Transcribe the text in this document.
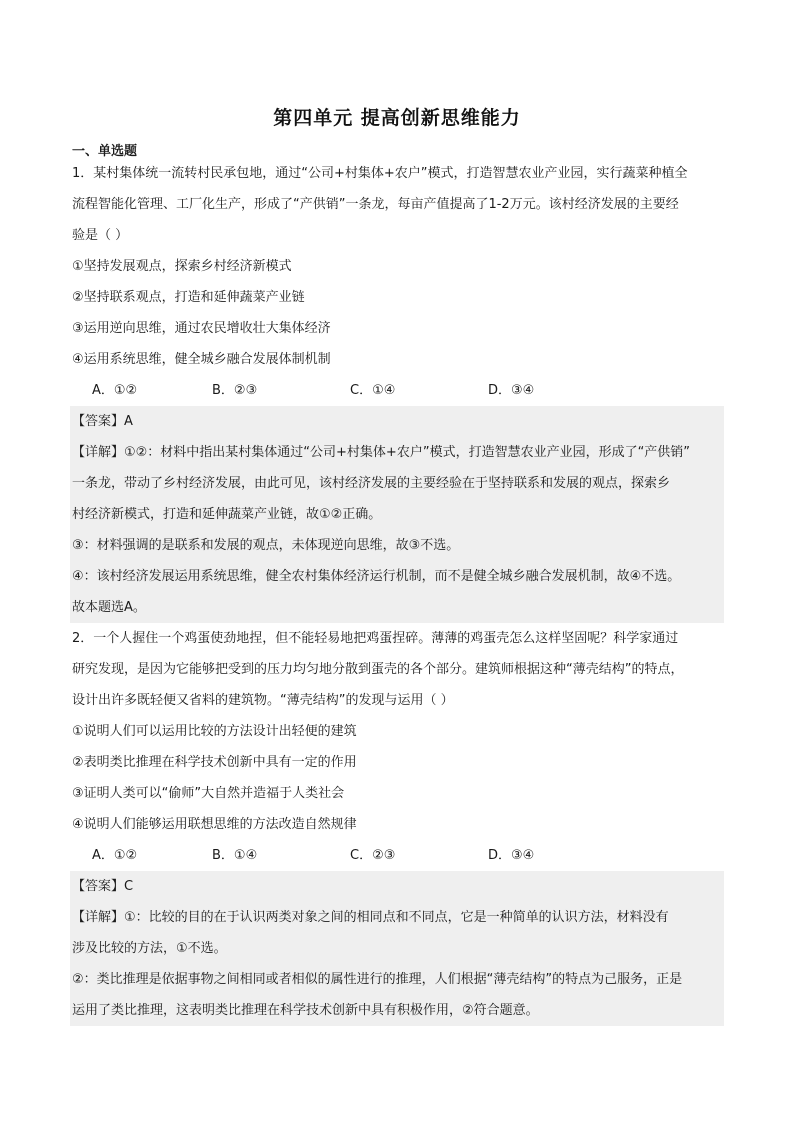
第四单元 提高创新思维能力
一、单选题
1．某村集体统一流转村民承包地，通过“公司+村集体+农户”模式，打造智慧农业产业园，实行蔬菜种植全
流程智能化管理、工厂化生产，形成了“产供销”一条龙，每亩产值提高了1-2万元。该村经济发展的主要经
验是（ ）
①坚持发展观点，探索乡村经济新模式
②坚持联系观点，打造和延伸蔬菜产业链
③运用逆向思维，通过农民增收壮大集体经济
④运用系统思维，健全城乡融合发展体制机制
A．①②	B．②③	C．①④	D．③④
【答案】A
【详解】①②：材料中指出某村集体通过“公司+村集体+农户”模式，打造智慧农业产业园，形成了“产供销”
一条龙，带动了乡村经济发展，由此可见，该村经济发展的主要经验在于坚持联系和发展的观点，探索乡
村经济新模式，打造和延伸蔬菜产业链，故①②正确。
③：材料强调的是联系和发展的观点，未体现逆向思维，故③不选。
④：该村经济发展运用系统思维，健全农村集体经济运行机制，而不是健全城乡融合发展机制，故④不选。
故本题选A。
2．一个人握住一个鸡蛋使劲地捏，但不能轻易地把鸡蛋捏碎。薄薄的鸡蛋壳怎么这样坚固呢？科学家通过
研究发现，是因为它能够把受到的压力均匀地分散到蛋壳的各个部分。建筑师根据这种“薄壳结构”的特点，
设计出许多既轻便又省料的建筑物。“薄壳结构”的发现与运用（ ）
①说明人们可以运用比较的方法设计出轻便的建筑
②表明类比推理在科学技术创新中具有一定的作用
③证明人类可以“偷师”大自然并造福于人类社会
④说明人们能够运用联想思维的方法改造自然规律
A．①②	B．①④	C．②③	D．③④
【答案】C
【详解】①：比较的目的在于认识两类对象之间的相同点和不同点，它是一种简单的认识方法，材料没有
涉及比较的方法，①不选。
②：类比推理是依据事物之间相同或者相似的属性进行的推理，人们根据“薄壳结构”的特点为己服务，正是
运用了类比推理，这表明类比推理在科学技术创新中具有积极作用，②符合题意。
